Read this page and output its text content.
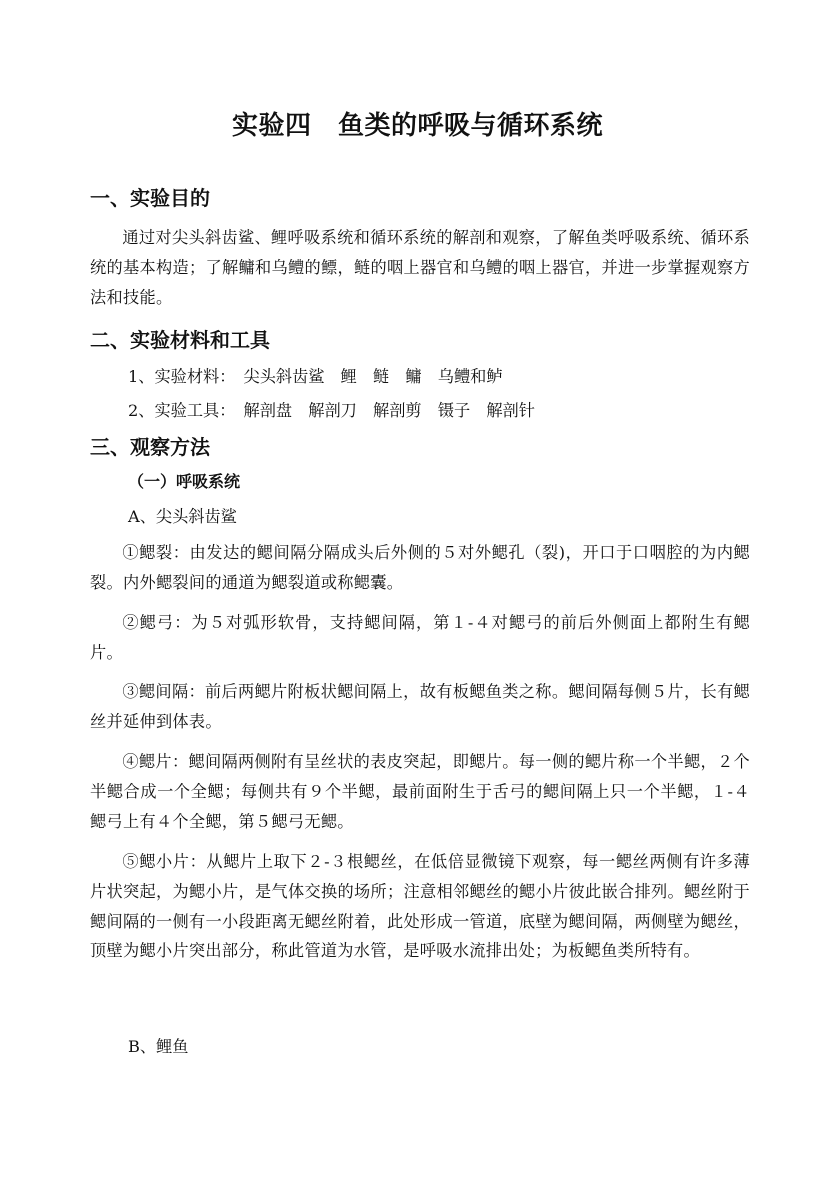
实验四　鱼类的呼吸与循环系统
一、实验目的
通过对尖头斜齿鲨、鲤呼吸系统和循环系统的解剖和观察，了解鱼类呼吸系统、循环系统的基本构造；了解鳙和乌鳢的鳔，鲢的咽上器官和乌鳢的咽上器官，并进一步掌握观察方法和技能。
二、实验材料和工具
1、实验材料：　尖头斜齿鲨　鲤　鲢　鳙　乌鳢和鲈
2、实验工具：　解剖盘　解剖刀　解剖剪　镊子　解剖针
三、观察方法
（一）呼吸系统
A、尖头斜齿鲨
①鳃裂：由发达的鳃间隔分隔成头后外侧的５对外鳃孔（裂)，开口于口咽腔的为内鳃裂。内外鳃裂间的通道为鳃裂道或称鳃囊。
②鳃弓：为５对弧形软骨，支持鳃间隔，第１-４对鳃弓的前后外侧面上都附生有鳃片。
③鳃间隔：前后两鳃片附板状鳃间隔上，故有板鳃鱼类之称。鳃间隔每侧５片，长有鳃丝并延伸到体表。
④鳃片：鳃间隔两侧附有呈丝状的表皮突起，即鳃片。每一侧的鳃片称一个半鳃，２个半鳃合成一个全鳃；每侧共有９个半鳃，最前面附生于舌弓的鳃间隔上只一个半鳃，１-４鳃弓上有４个全鳃，第５鳃弓无鳃。
⑤鳃小片：从鳃片上取下２-３根鳃丝，在低倍显微镜下观察，每一鳃丝两侧有许多薄片状突起，为鳃小片，是气体交换的场所；注意相邻鳃丝的鳃小片彼此嵌合排列。鳃丝附于鳃间隔的一侧有一小段距离无鳃丝附着，此处形成一管道，底壁为鳃间隔，两侧壁为鳃丝，顶壁为鳃小片突出部分，称此管道为水管，是呼吸水流排出处；为板鳃鱼类所特有。
B、鲤鱼
